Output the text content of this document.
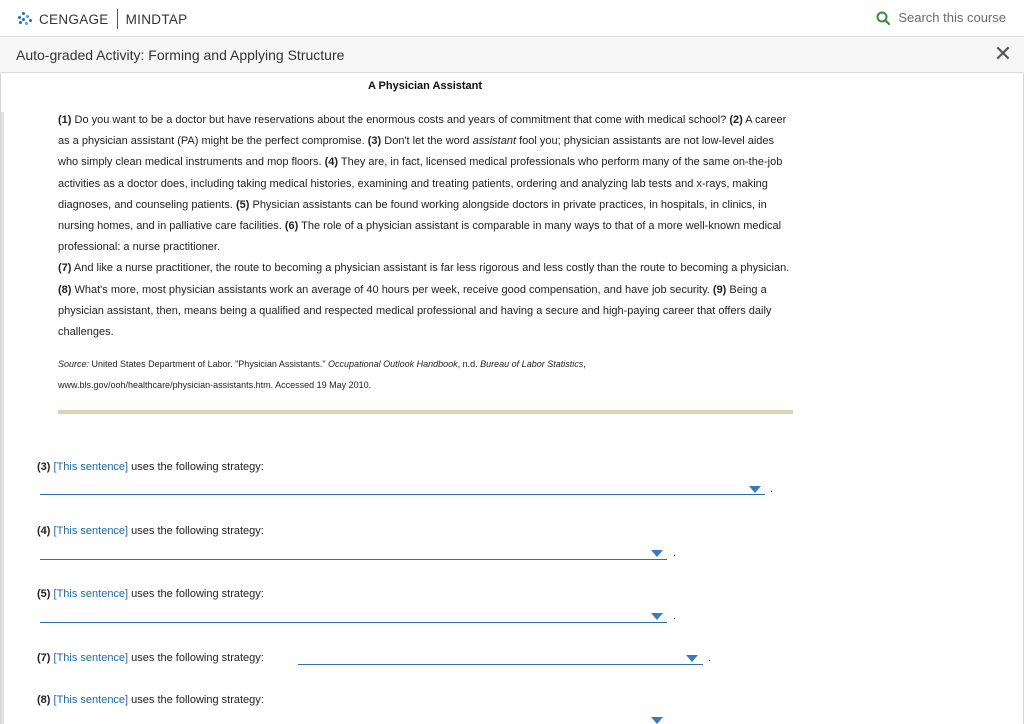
CENGAGE MINDTAP	Search this course
Auto-graded Activity: Forming and Applying Structure	✕
A Physician Assistant
(1) Do you want to be a doctor but have reservations about the enormous costs and years of commitment that come with medical school? (2) A career as a physician assistant (PA) might be the perfect compromise. (3) Don't let the word assistant fool you; physician assistants are not low-level aides who simply clean medical instruments and mop floors. (4) They are, in fact, licensed medical professionals who perform many of the same on-the-job activities as a doctor does, including taking medical histories, examining and treating patients, ordering and analyzing lab tests and x-rays, making diagnoses, and counseling patients. (5) Physician assistants can be found working alongside doctors in private practices, in hospitals, in clinics, in nursing homes, and in palliative care facilities. (6) The role of a physician assistant is comparable in many ways to that of a more well-known medical professional: a nurse practitioner.
(7) And like a nurse practitioner, the route to becoming a physician assistant is far less rigorous and less costly than the route to becoming a physician. (8) What's more, most physician assistants work an average of 40 hours per week, receive good compensation, and have job security. (9) Being a physician assistant, then, means being a qualified and respected medical professional and having a secure and high-paying career that offers daily challenges.
Source: United States Department of Labor. "Physician Assistants." Occupational Outlook Handbook, n.d. Bureau of Labor Statistics,
www.bls.gov/ooh/healthcare/physician-assistants.htm. Accessed 19 May 2010.
(3) [This sentence] uses the following strategy:
.
(4) [This sentence] uses the following strategy:
.
(5) [This sentence] uses the following strategy:
.
(7) [This sentence] uses the following strategy:	.
(8) [This sentence] uses the following strategy:
